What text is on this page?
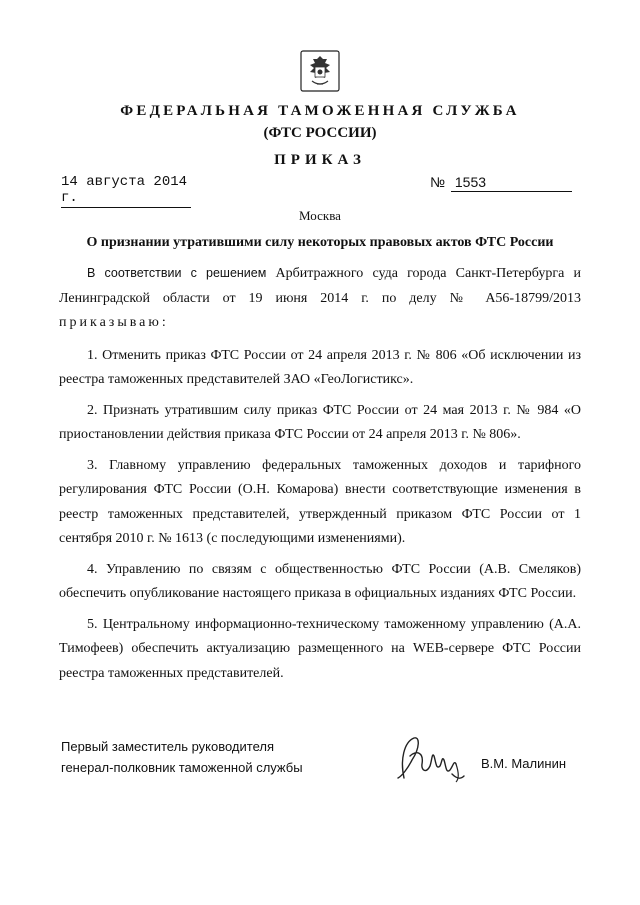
ФЕДЕРАЛЬНАЯ ТАМОЖЕННАЯ СЛУЖБА
(ФТС РОССИИ)
ПРИКАЗ
14 августа 2014 г.
№ 1553
Москва
О признании утратившими силу некоторых правовых актов ФТС России

В соответствии с решением Арбитражного суда города Санкт-Петербурга и Ленинградской области от 19 июня 2014 г. по делу № А56-18799/2013 приказываю:

1. Отменить приказ ФТС России от 24 апреля 2013 г. № 806 «Об исключении из реестра таможенных представителей ЗАО «ГеоЛогистикс».

2. Признать утратившим силу приказ ФТС России от 24 мая 2013 г. № 984 «О приостановлении действия приказа ФТС России от 24 апреля 2013 г. № 806».

3. Главному управлению федеральных таможенных доходов и тарифного регулирования ФТС России (О.Н. Комарова) внести соответствующие изменения в реестр таможенных представителей, утвержденный приказом ФТС России от 1 сентября 2010 г. № 1613 (с последующими изменениями).

4. Управлению по связям с общественностью ФТС России (А.В. Смеляков) обеспечить опубликование настоящего приказа в официальных изданиях ФТС России.

5. Центральному информационно-техническому таможенному управлению (А.А. Тимофеев) обеспечить актуализацию размещенного на WEB-сервере ФТС России реестра таможенных представителей.

Первый заместитель руководителя
генерал-полковник таможенной службы	В.М. Малинин
